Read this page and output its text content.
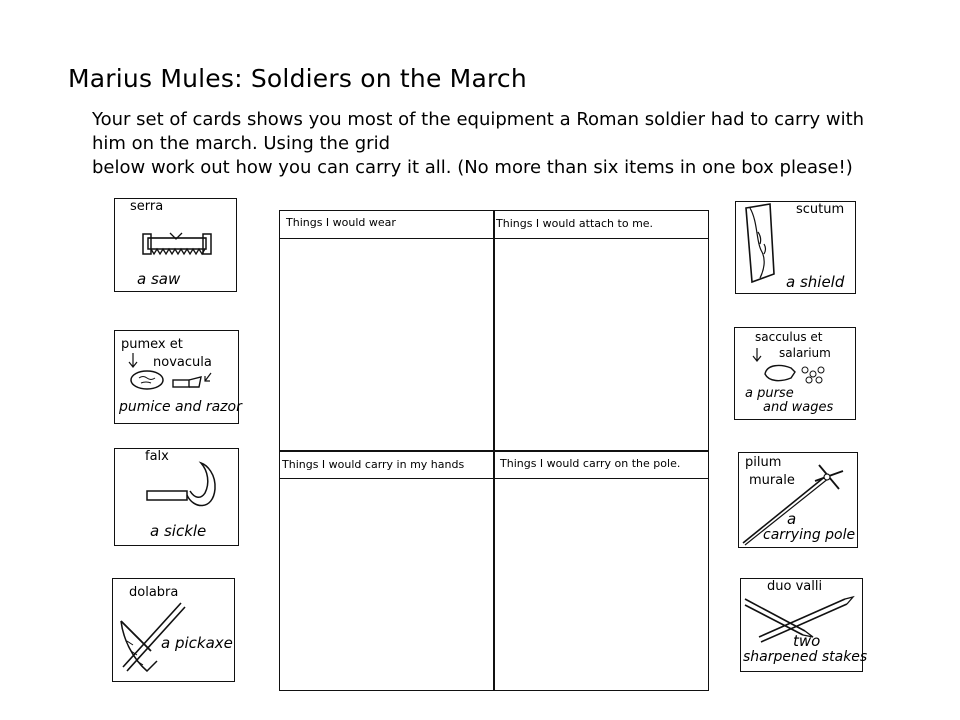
Marius Mules: Soldiers on the March
Your set of cards shows you most of the equipment a Roman soldier had to carry with
him on the march. Using the grid
below work out how you can carry it all. (No more than six items in one box please!)
serra
a saw
pumex et
novacula
pumice and razor
falx
a sickle
dolabra
a pickaxe
Things I would wear	Things I would attach to me.
Things I would carry in my hands	Things I would carry on the pole.
scutum
a shield
sacculus et
salarium
a purse
and wages
pilum
murale
a
carrying pole
duo valli
two
sharpened stakes
